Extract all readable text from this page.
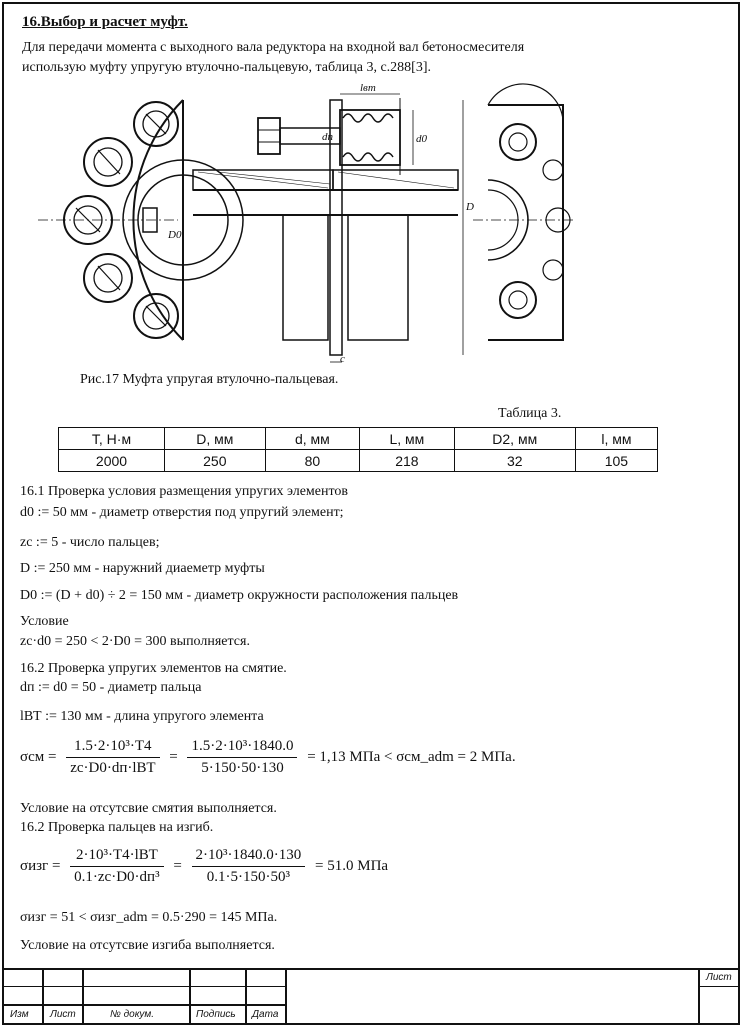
16.Выбор и расчет муфт.
Для передачи момента с выходного вала редуктора на входной вал бетоносмесителя
использую муфту упругую втулочно-пальцевую, таблица 3, с.288[3].
lвт
dп	d0
D
c
D0
Рис.17 Муфта упругая втулочно-пальцевая.
Таблица 3.
Т, Н·м	D, мм	d, мм	L, мм	D2, мм	l, мм
2000	250	80	218	32	105
16.1 Проверка условия размещения упругих элементов
d0 := 50 мм - диаметр отверстия под упругий элемент;
zc := 5 - число пальцев;
D := 250 мм - наружний диаеметр муфты
D0 := (D + d0) ÷ 2 = 150 мм - диаметр окружности расположения пальцев
Условие
zc·d0 = 250 < 2·D0 = 300 выполняется.
16.2 Проверка упругих элементов на смятие.
dп := d0 = 50 - диаметр пальца
lВТ := 130 мм - длина упругого элемента
$\sigma см = \frac{\text{1.5·2·10³·T4}}{\text{zc·D0·dп·lВТ}} = \frac{\text{1.5·2·10³·1840.0}}{5\cdot 150\cdot 50\cdot 130} = 1,13$ МПа < σсм_adm = 2 МПа.
Условие на отсутсвие смятия выполняется.
16.2 Проверка пальцев на изгиб.
$\sigma изг = \frac{\text{2·10³·T4·lВТ}}{\text{0.1·zc·D0·dп³}} = \frac{\text{2·10³·1840.0·130}}{\text{0.1·5·150·50³}} = 51.0$ МПа
σизг = 51 < σизг_adm = 0.5·290 = 145 МПа.
Условие на отсутсвие изгиба выполняется.
Изм Лист	№ докум.	Подпись Дата
Лист
